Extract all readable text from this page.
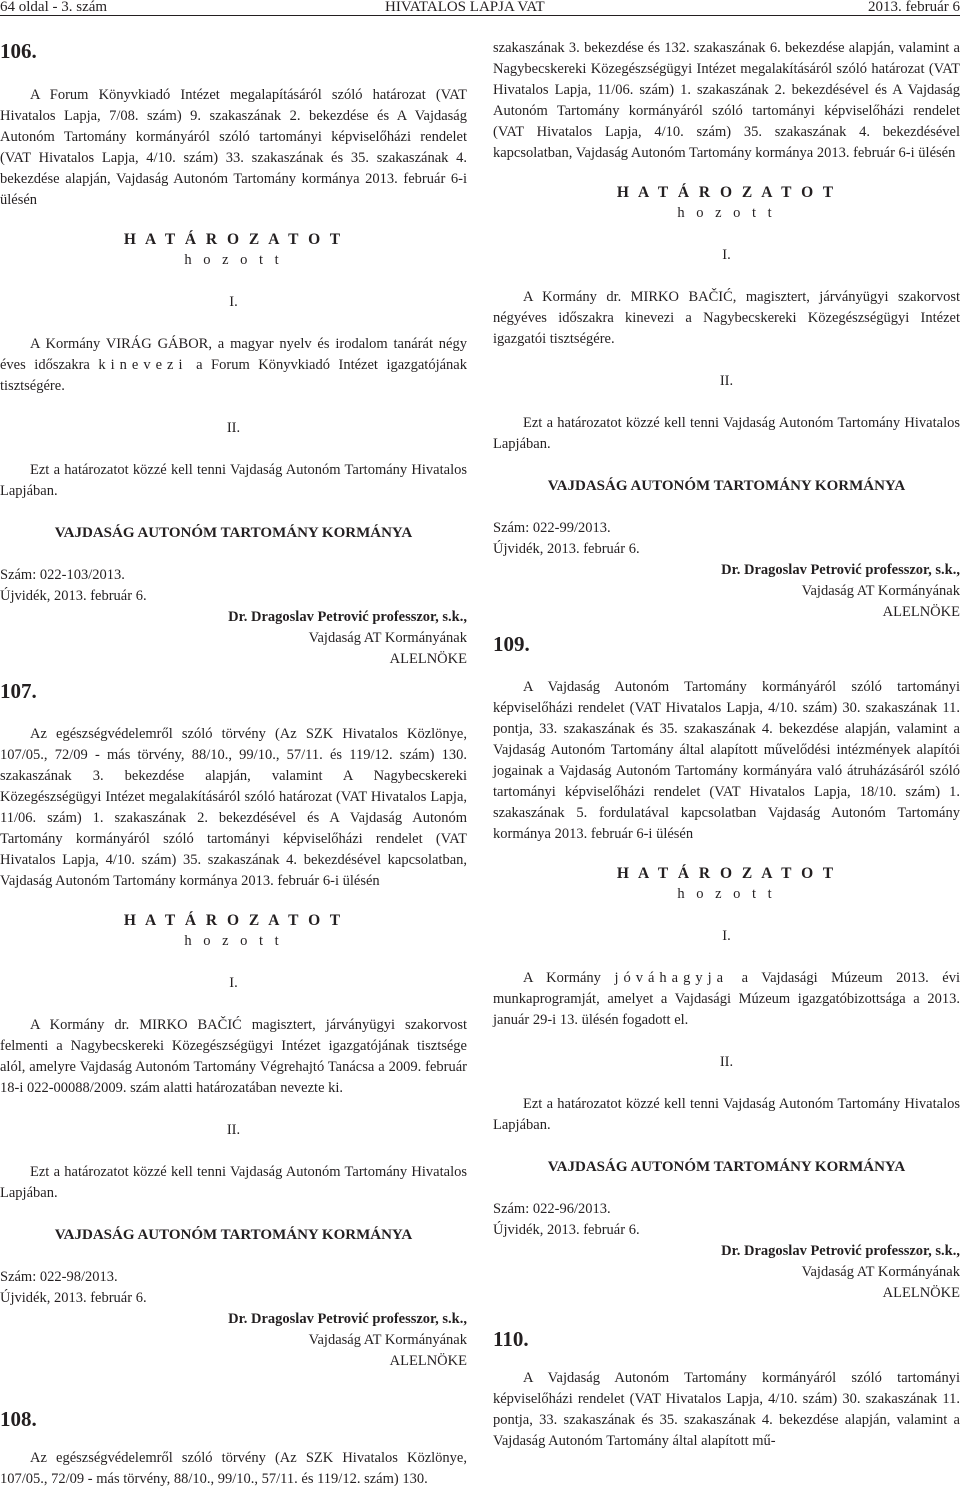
64 oldal - 3. szám	HIVATALOS LAPJA VAT	2013. február 6

106.

A Forum Könyvkiadó Intézet megalapításáról szóló határozat (VAT Hivatalos Lapja, 7/08. szám) 9. szakaszának 2. bekezdése és A Vajdaság Autonóm Tartomány kormányáról szóló tartományi képviselőházi rendelet (VAT Hivatalos Lapja, 4/10. szám) 33. szakaszának és 35. szakaszának 4. bekezdése alapján, Vajdaság Autonóm Tartomány kormánya 2013. február 6-i ülésén

H A T Á R O Z A T O T

h o z o t t

I.

A Kormány VIRÁG GÁBOR, a magyar nyelv és irodalom tanárát négy éves időszakra kinevezi a Forum Könyvkiadó Intézet igazgatójának tisztségére.

II.

Ezt a határozatot közzé kell tenni Vajdaság Autonóm Tartomány Hivatalos Lapjában.

VAJDASÁG AUTONÓM TARTOMÁNY KORMÁNYA

Szám: 022-103/2013.

Újvidék, 2013. február 6.

Dr. Dragoslav Petrović professzor, s.k.,

Vajdaság AT Kormányának

ALELNÖKE

107.

Az egészségvédelemről szóló törvény (Az SZK Hivatalos Közlönye, 107/05., 72/09 - más törvény, 88/10., 99/10., 57/11. és 119/12. szám) 130. szakaszának 3. bekezdése alapján, valamint A Nagybecskereki Közegészségügyi Intézet megalakításáról szóló határozat (VAT Hivatalos Lapja, 11/06. szám) 1. szakaszának 2. bekezdésével és A Vajdaság Autonóm Tartomány kormányáról szóló tartományi képviselőházi rendelet (VAT Hivatalos Lapja, 4/10. szám) 35. szakaszának 4. bekezdésével kapcsolatban, Vajdaság Autonóm Tartomány kormánya 2013. február 6-i ülésén

H A T Á R O Z A T O T

h o z o t t

I.

A Kormány dr. MIRKO BAČIĆ magisztert, járványügyi szakorvost felmenti a Nagybecskereki Közegészségügyi Intézet igazgatójának tisztsége alól, amelyre Vajdaság Autonóm Tartomány Végrehajtó Tanácsa a 2009. február 18-i 022-00088/2009. szám alatti határozatában nevezte ki.

II.

Ezt a határozatot közzé kell tenni Vajdaság Autonóm Tartomány Hivatalos Lapjában.

VAJDASÁG AUTONÓM TARTOMÁNY KORMÁNYA

Szám: 022-98/2013.

Újvidék, 2013. február 6.

Dr. Dragoslav Petrović professzor, s.k.,

Vajdaság AT Kormányának

ALELNÖKE

108.

Az egészségvédelemről szóló törvény (Az SZK Hivatalos Közlönye, 107/05., 72/09 - más törvény, 88/10., 99/10., 57/11. és 119/12. szám) 130.

szakaszának 3. bekezdése és 132. szakaszának 6. bekezdése alapján, valamint a Nagybecskereki Közegészségügyi Intézet megalakításáról szóló határozat (VAT Hivatalos Lapja, 11/06. szám) 1. szakaszának 2. bekezdésével és A Vajdaság Autonóm Tartomány kormányáról szóló tartományi képviselőházi rendelet (VAT Hivatalos Lapja, 4/10. szám) 35. szakaszának 4. bekezdésével kapcsolatban, Vajdaság Autonóm Tartomány kormánya 2013. február 6-i ülésén

H A T Á R O Z A T O T

h o z o t t

I.

A Kormány dr. MIRKO BAČIĆ, magisztert, járványügyi szakorvost négyéves időszakra kinevezi a Nagybecskereki Közegészségügyi Intézet igazgatói tisztségére.

II.

Ezt a határozatot közzé kell tenni Vajdaság Autonóm Tartomány Hivatalos Lapjában.

VAJDASÁG AUTONÓM TARTOMÁNY KORMÁNYA

Szám: 022-99/2013.

Újvidék, 2013. február 6.

Dr. Dragoslav Petrović professzor, s.k.,

Vajdaság AT Kormányának

ALELNÖKE

109.

A Vajdaság Autonóm Tartomány kormányáról szóló tartományi képviselőházi rendelet (VAT Hivatalos Lapja, 4/10. szám) 30. szakaszának 11. pontja, 33. szakaszának és 35. szakaszának 4. bekezdése alapján, valamint a Vajdaság Autonóm Tartomány által alapított művelődési intézmények alapítói jogainak a Vajdaság Autonóm Tartomány kormányára való átruházásáról szóló tartományi képviselőházi rendelet (VAT Hivatalos Lapja, 18/10. szám) 1. szakaszának 5. fordulatával kapcsolatban Vajdaság Autonóm Tartomány kormánya 2013. február 6-i ülésén

H A T Á R O Z A T O T

h o z o t t

I.

A Kormány jóváhagyja a Vajdasági Múzeum 2013. évi munkaprogramját, amelyet a Vajdasági Múzeum igazgatóbizottsága a 2013. január 29-i 13. ülésén fogadott el.

II.

Ezt a határozatot közzé kell tenni Vajdaság Autonóm Tartomány Hivatalos Lapjában.

VAJDASÁG AUTONÓM TARTOMÁNY KORMÁNYA

Szám: 022-96/2013.

Újvidék, 2013. február 6.

Dr. Dragoslav Petrović professzor, s.k.,

Vajdaság AT Kormányának

ALELNÖKE

110.

A Vajdaság Autonóm Tartomány kormányáról szóló tartományi képviselőházi rendelet (VAT Hivatalos Lapja, 4/10. szám) 30. szakaszának 11. pontja, 33. szakaszának és 35. szakaszának 4. bekezdése alapján, valamint a Vajdaság Autonóm Tartomány által alapított mű-
